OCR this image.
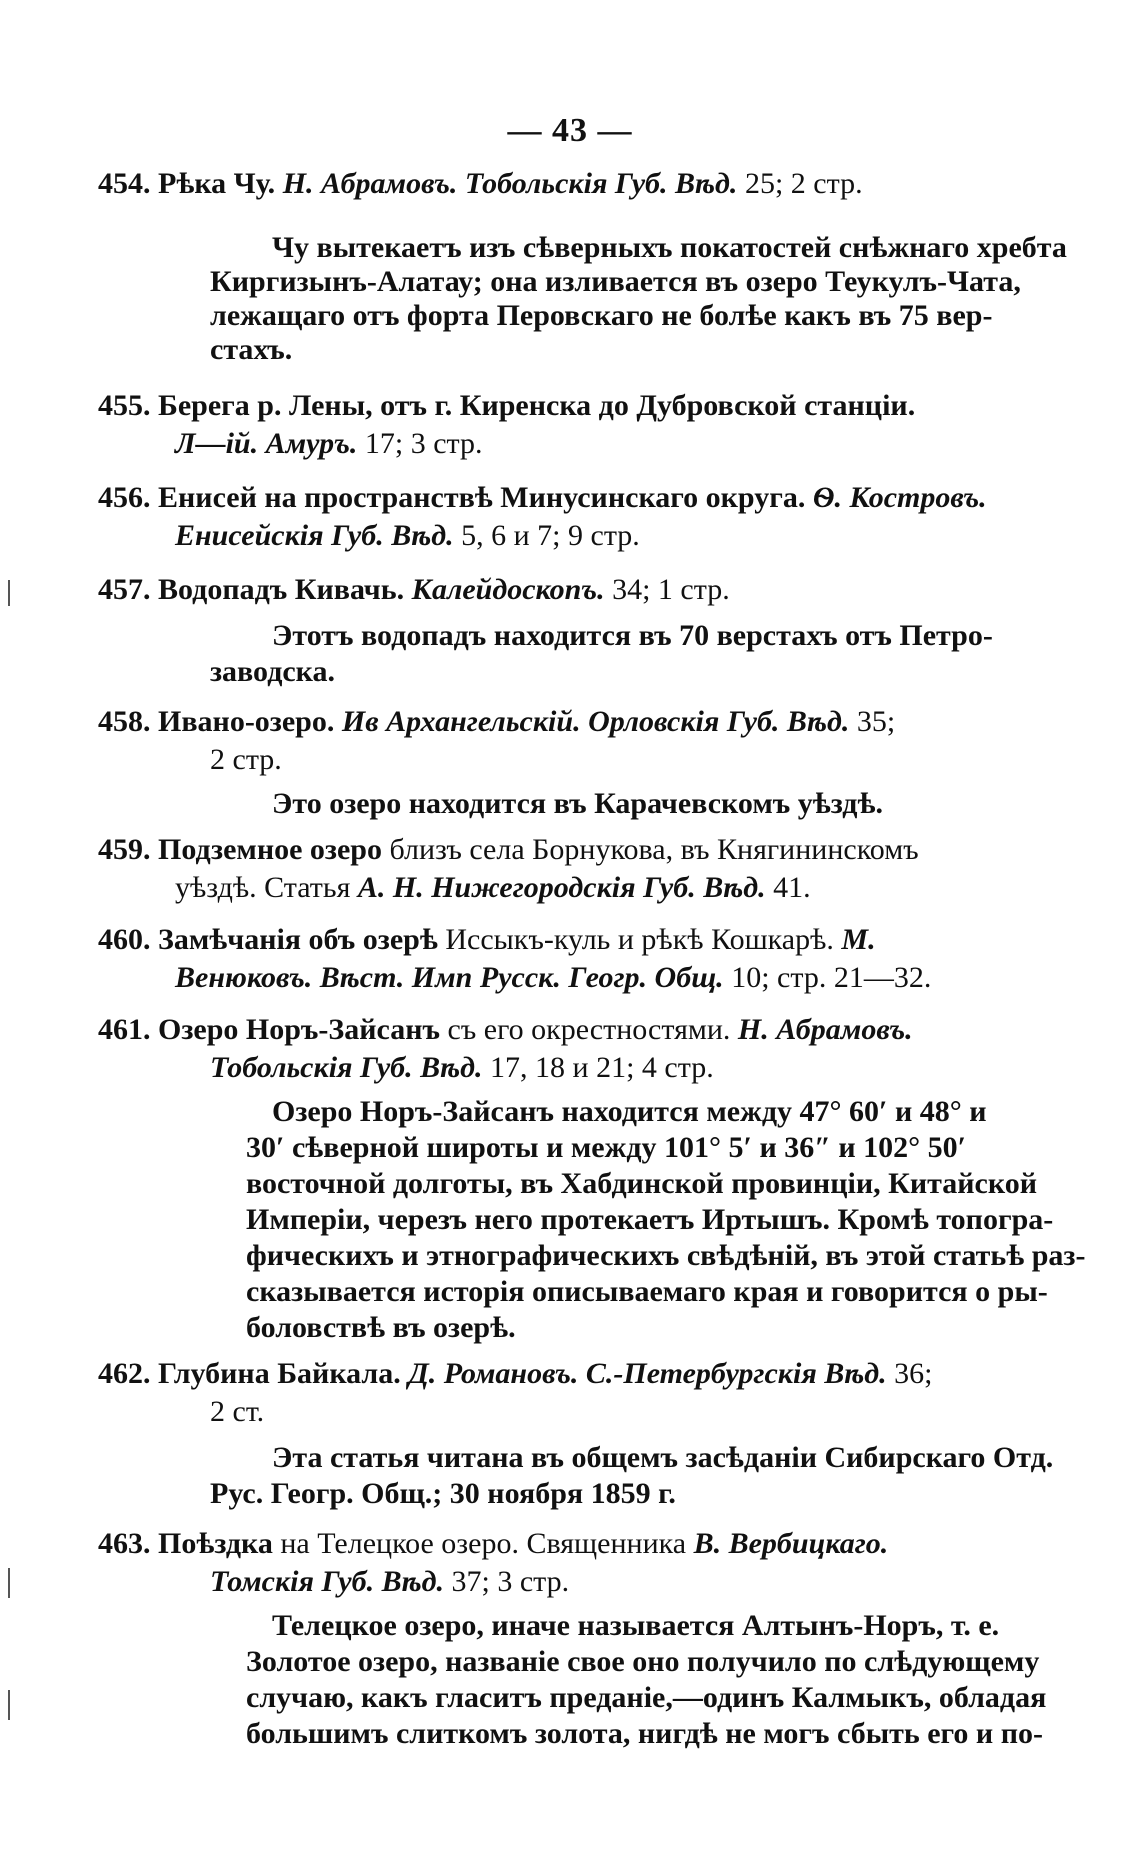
— 43 —
454. Рѣка Чу. Н. Абрамовъ. Тобольскія Губ. Вѣд. 25; 2 стр.
Чу вытекаетъ изъ сѣверныхъ покатостей снѣжнаго хребта
Киргизынъ-Алатау; она изливается въ озеро Теукулъ-Чата,
лежащаго отъ форта Перовскаго не болѣе какъ въ 75 вер-
стахъ.
455. Берега р. Лены, отъ г. Киренска до Дубровской станціи.
Л—ій. Амуръ. 17; 3 стр.
456. Енисей на пространствѣ Минусинскаго округа. Ѳ. Костровъ.
Енисейскія Губ. Вѣд. 5, 6 и 7; 9 стр.
457. Водопадъ Кивачь. Калейдоскопъ. 34; 1 стр.
Этотъ водопадъ находится въ 70 верстахъ отъ Петро-
заводска.
458. Ивано-озеро. Ив Архангельскій. Орловскія Губ. Вѣд. 35;
2 стр.
Это озеро находится въ Карачевскомъ уѣздѣ.
459. Подземное озеро близъ села Борнукова, въ Княгининскомъ
уѣздѣ. Статья А. Н. Нижегородскія Губ. Вѣд. 41.
460. Замѣчанія объ озерѣ Иссыкъ-куль и рѣкѣ Кошкарѣ. М.
Венюковъ. Вѣст. Имп Русск. Геогр. Общ. 10; стр. 21—32.
461. Озеро Норъ-Зайсанъ съ его окрестностями. Н. Абрамовъ.
Тобольскія Губ. Вѣд. 17, 18 и 21; 4 стр.
Озеро Норъ-Зайсанъ находится между 47° 60′ и 48° и
30′ сѣверной широты и между 101° 5′ и 36″ и 102° 50′
восточной долготы, въ Хабдинской провинціи, Китайской
Имперіи, черезъ него протекаетъ Иртышъ. Кромѣ топогра-
фическихъ и этнографическихъ свѣдѣній, въ этой статьѣ раз-
сказывается исторія описываемаго края и говорится о ры-
боловствѣ въ озерѣ.
462. Глубина Байкала. Д. Романовъ. С.-Петербургскія Вѣд. 36;
2 ст.
Эта статья читана въ общемъ засѣданіи Сибирскаго Отд.
Рус. Геогр. Общ.; 30 ноября 1859 г.
463. Поѣздка на Телецкое озеро. Священника В. Вербицкаго.
Томскія Губ. Вѣд. 37; 3 стр.
Телецкое озеро, иначе называется Алтынъ-Норъ, т. е.
Золотое озеро, названіе свое оно получило по слѣдующему
случаю, какъ гласитъ преданіе,—одинъ Калмыкъ, обладая
большимъ слиткомъ золота, нигдѣ не могъ сбыть его и по-
